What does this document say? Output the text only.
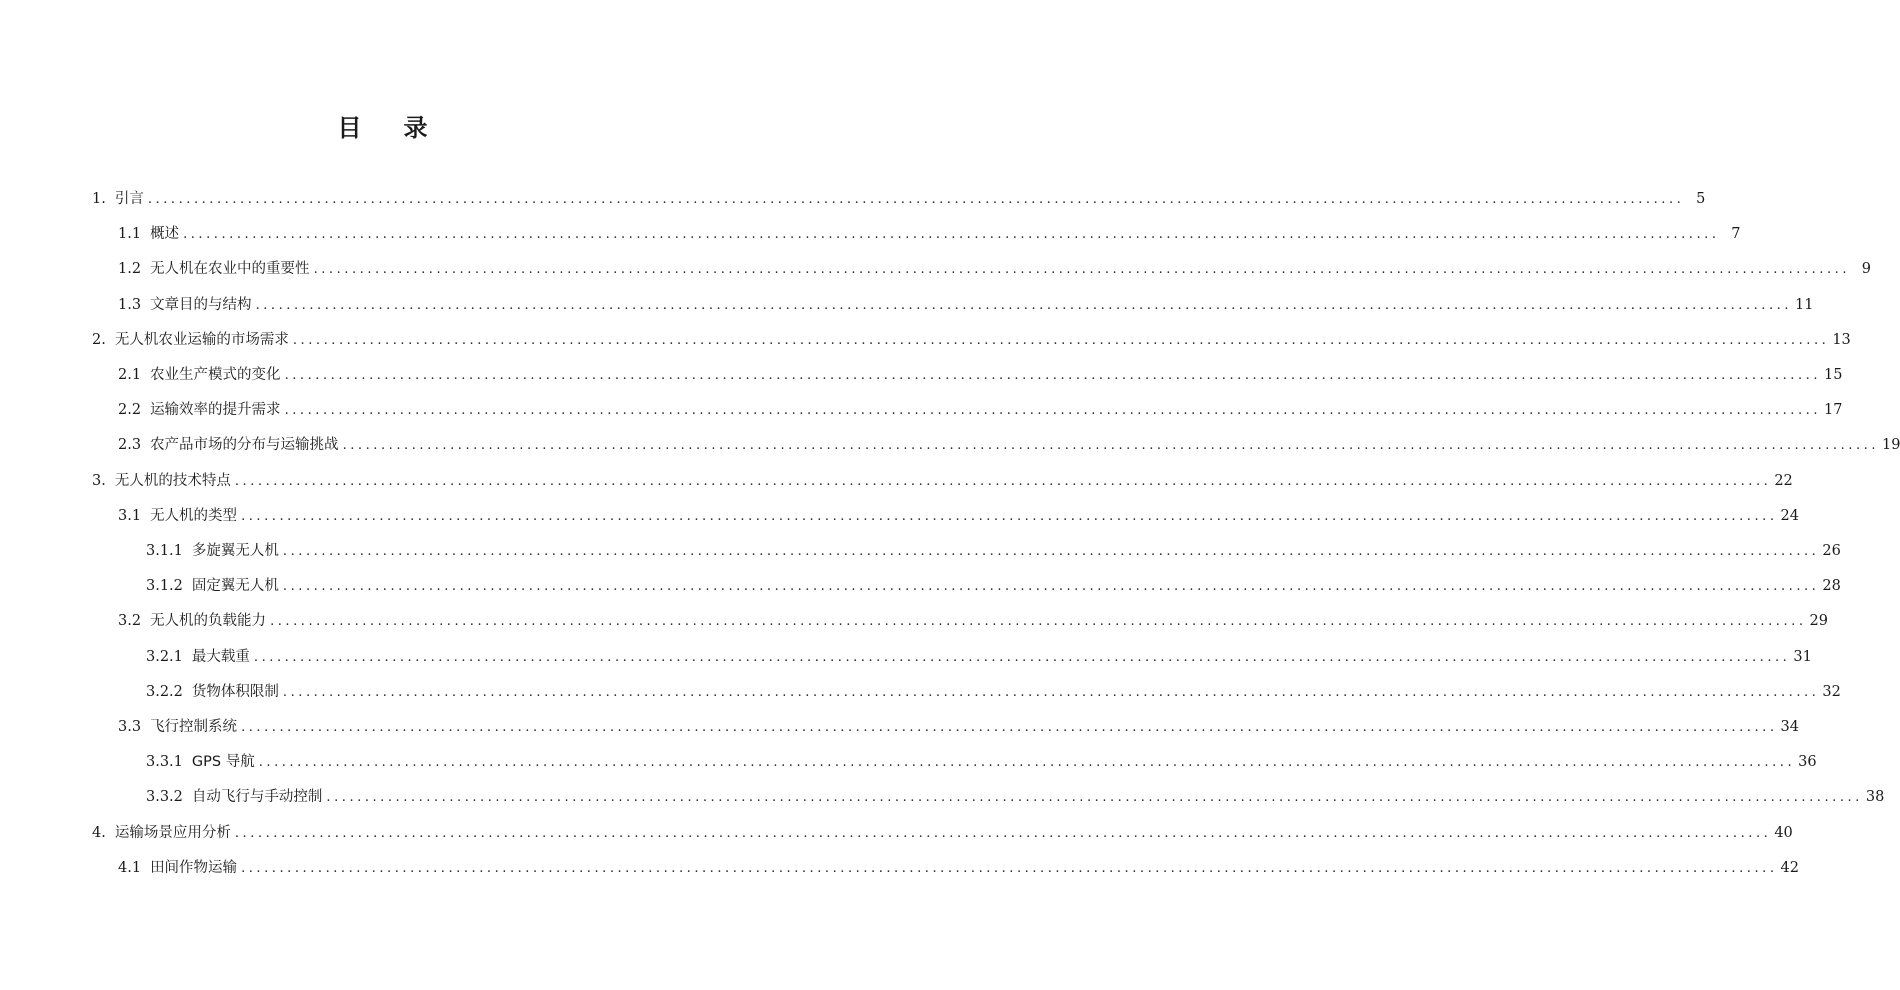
目 录
1. 引言 ........................................................................................................................................................................................................ 5
1.1 概述 ........................................................................................................................................................................................................ 7
1.2 无人机在农业中的重要性 ........................................................................................................................................................................................................ 9
1.3 文章目的与结构 ........................................................................................................................................................................................................ 11
2. 无人机农业运输的市场需求 ........................................................................................................................................................................................................ 13
2.1 农业生产模式的变化 ........................................................................................................................................................................................................ 15
2.2 运输效率的提升需求 ........................................................................................................................................................................................................ 17
2.3 农产品市场的分布与运输挑战 ........................................................................................................................................................................................................ 19
3. 无人机的技术特点 ........................................................................................................................................................................................................ 22
3.1 无人机的类型 ........................................................................................................................................................................................................ 24
3.1.1 多旋翼无人机 ........................................................................................................................................................................................................ 26
3.1.2 固定翼无人机 ........................................................................................................................................................................................................ 28
3.2 无人机的负载能力 ........................................................................................................................................................................................................ 29
3.2.1 最大载重 ........................................................................................................................................................................................................ 31
3.2.2 货物体积限制 ........................................................................................................................................................................................................ 32
3.3 飞行控制系统 ........................................................................................................................................................................................................ 34
3.3.1 GPS 导航 ........................................................................................................................................................................................................ 36
3.3.2 自动飞行与手动控制 ........................................................................................................................................................................................................ 38
4. 运输场景应用分析 ........................................................................................................................................................................................................ 40
4.1 田间作物运输 ........................................................................................................................................................................................................ 42
